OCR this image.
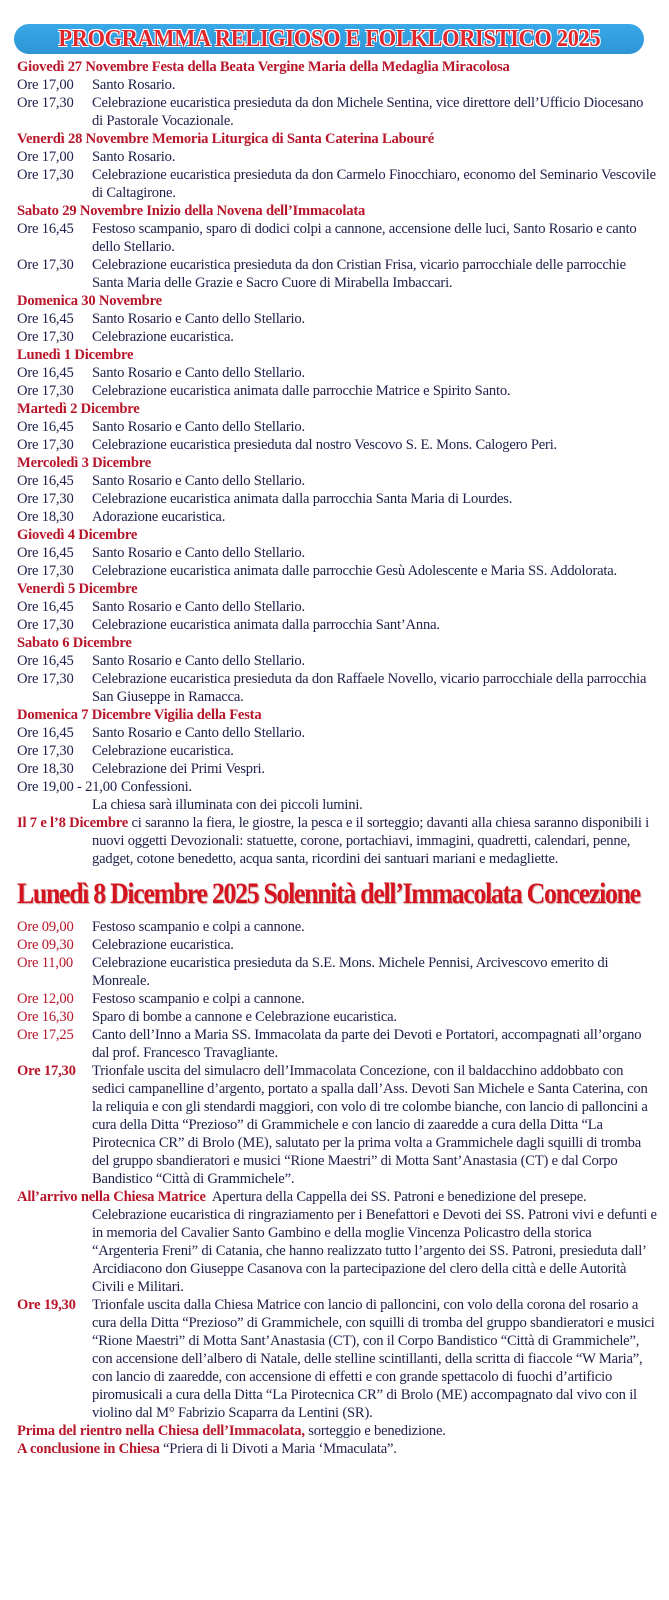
PROGRAMMA RELIGIOSO E FOLKLORISTICO 2025
Giovedì 27 Novembre Festa della Beata Vergine Maria della Medaglia Miracolosa
Ore 17,00	Santo Rosario.
Ore 17,30	Celebrazione eucaristica presieduta da don Michele Sentina, vice direttore dell’Ufficio Diocesano di Pastorale Vocazionale.
Venerdì 28 Novembre Memoria Liturgica di Santa Caterina Labouré
Ore 17,00	Santo Rosario.
Ore 17,30	Celebrazione eucaristica presieduta da don Carmelo Finocchiaro, economo del Seminario Vescovile di Caltagirone.
Sabato 29 Novembre Inizio della Novena dell’Immacolata
Ore 16,45	Festoso scampanio, sparo di dodici colpi a cannone, accensione delle luci, Santo Rosario e canto dello Stellario.
Ore 17,30	Celebrazione eucaristica presieduta da don Cristian Frisa, vicario parrocchiale delle parrocchie Santa Maria delle Grazie e Sacro Cuore di Mirabella Imbaccari.
Domenica 30 Novembre
Ore 16,45	Santo Rosario e Canto dello Stellario.
Ore 17,30	Celebrazione eucaristica.
Lunedì 1 Dicembre
Ore 16,45	Santo Rosario e Canto dello Stellario.
Ore 17,30	Celebrazione eucaristica animata dalle parrocchie Matrice e Spirito Santo.
Martedì 2 Dicembre
Ore 16,45	Santo Rosario e Canto dello Stellario.
Ore 17,30	Celebrazione eucaristica presieduta dal nostro Vescovo S. E. Mons. Calogero Peri.
Mercoledì 3 Dicembre
Ore 16,45	Santo Rosario e Canto dello Stellario.
Ore 17,30	Celebrazione eucaristica animata dalla parrocchia Santa Maria di Lourdes.
Ore 18,30	Adorazione eucaristica.
Giovedì 4 Dicembre
Ore 16,45	Santo Rosario e Canto dello Stellario.
Ore 17,30	Celebrazione eucaristica animata dalle parrocchie Gesù Adolescente e Maria SS. Addolorata.
Venerdì 5 Dicembre
Ore 16,45	Santo Rosario e Canto dello Stellario.
Ore 17,30	Celebrazione eucaristica animata dalla parrocchia Sant’Anna.
Sabato 6 Dicembre
Ore 16,45	Santo Rosario e Canto dello Stellario.
Ore 17,30	Celebrazione eucaristica presieduta da don Raffaele Novello, vicario parrocchiale della parrocchia San Giuseppe in Ramacca.
Domenica 7 Dicembre Vigilia della Festa
Ore 16,45	Santo Rosario e Canto dello Stellario.
Ore 17,30	Celebrazione eucaristica.
Ore 18,30	Celebrazione dei Primi Vespri.
Ore 19,00 - 21,00 Confessioni.
La chiesa sarà illuminata con dei piccoli lumini.
Il 7 e l’8 Dicembre ci saranno la fiera, le giostre, la pesca e il sorteggio; davanti alla chiesa saranno disponibili i nuovi oggetti Devozionali: statuette, corone, portachiavi, immagini, quadretti, calendari, penne, gadget, cotone benedetto, acqua santa, ricordini dei santuari mariani e medagliette.
Lunedì 8 Dicembre 2025 Solennità dell’Immacolata Concezione
Ore 09,00	Festoso scampanio e colpi a cannone.
Ore 09,30	Celebrazione eucaristica.
Ore 11,00	Celebrazione eucaristica presieduta da S.E. Mons. Michele Pennisi, Arcivescovo emerito di Monreale.
Ore 12,00	Festoso scampanio e colpi a cannone.
Ore 16,30	Sparo di bombe a cannone e Celebrazione eucaristica.
Ore 17,25	Canto dell’Inno a Maria SS. Immacolata da parte dei Devoti e Portatori, accompagnati all’organo dal prof. Francesco Travagliante.
Ore 17,30	Trionfale uscita del simulacro dell’Immacolata Concezione, con il baldacchino addobbato con sedici campanelline d’argento, portato a spalla dall’Ass. Devoti San Michele e Santa Caterina, con la reliquia e con gli stendardi maggiori, con volo di tre colombe bianche, con lancio di palloncini a cura della Ditta “Prezioso” di Grammichele e con lancio di zaaredde a cura della Ditta “La Pirotecnica CR” di Brolo (ME), salutato per la prima volta a Grammichele dagli squilli di tromba del gruppo sbandieratori e musici “Rione Maestri” di Motta Sant’Anastasia (CT) e dal Corpo Bandistico “Città di Grammichele”.
All’arrivo nella Chiesa Matrice Apertura della Cappella dei SS. Patroni e benedizione del presepe. Celebrazione eucaristica di ringraziamento per i Benefattori e Devoti dei SS. Patroni vivi e defunti e in memoria del Cavalier Santo Gambino e della moglie Vincenza Policastro della storica “Argenteria Freni” di Catania, che hanno realizzato tutto l’argento dei SS. Patroni, presieduta dall’ Arcidiacono don Giuseppe Casanova con la partecipazione del clero della città e delle Autorità Civili e Militari.
Ore 19,30	Trionfale uscita dalla Chiesa Matrice con lancio di palloncini, con volo della corona del rosario a cura della Ditta “Prezioso” di Grammichele, con squilli di tromba del gruppo sbandieratori e musici “Rione Maestri” di Motta Sant’Anastasia (CT), con il Corpo Bandistico “Città di Grammichele”, con accensione dell’albero di Natale, delle stelline scintillanti, della scritta di fiaccole “W Maria”, con lancio di zaaredde, con accensione di effetti e con grande spettacolo di fuochi d’artificio piromusicali a cura della Ditta “La Pirotecnica CR” di Brolo (ME) accompagnato dal vivo con il violino dal M° Fabrizio Scaparra da Lentini (SR).
Prima del rientro nella Chiesa dell’Immacolata, sorteggio e benedizione.
A conclusione in Chiesa “Priera di li Divoti a Maria ‘Mmaculata”.
